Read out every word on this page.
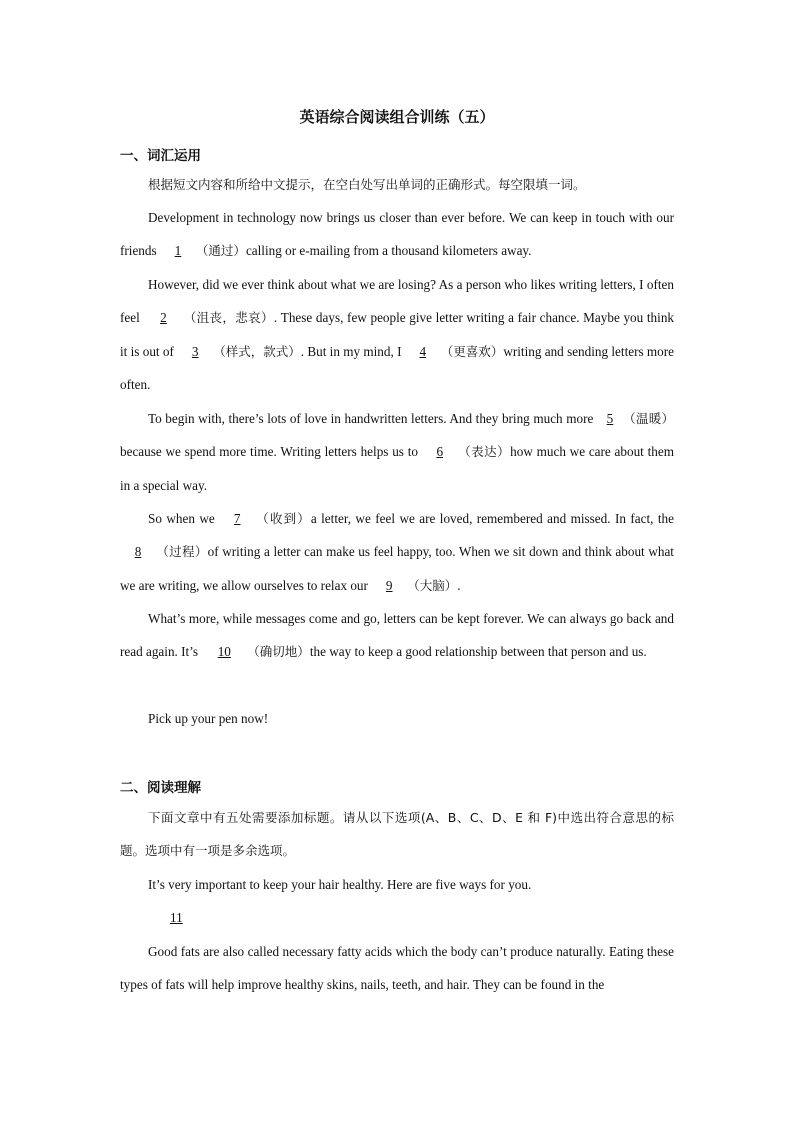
英语综合阅读组合训练（五）
一、词汇运用

根据短文内容和所给中文提示，在空白处写出单词的正确形式。每空限填一词。

Development in technology now brings us closer than ever before. We can keep in touch with our friends 1 （通过）calling or e-mailing from a thousand kilometers away.

However, did we ever think about what we are losing? As a person who likes writing letters, I often feel 2 （沮丧，悲哀）. These days, few people give letter writing a fair chance. Maybe you think it is out of 3 （样式，款式）. But in my mind, I 4 （更喜欢）writing and sending letters more often.

To begin with, there’s lots of love in handwritten letters. And they bring much more 5 （温暖）because we spend more time. Writing letters helps us to 6 （表达）how much we care about them in a special way.

So when we 7 （收到）a letter, we feel we are loved, remembered and missed. In fact, the 8 （过程）of writing a letter can make us feel happy, too. When we sit down and think about what we are writing, we allow ourselves to relax our 9 （大脑）.

What’s more, while messages come and go, letters can be kept forever. We can always go back and read again. It’s 10 （确切地）the way to keep a good relationship between that person and us.

Pick up your pen now!

二、阅读理解

下面文章中有五处需要添加标题。请从以下选项(A、B、C、D、E 和 F)中选出符合意思的标题。选项中有一项是多余选项。

It’s very important to keep your hair healthy. Here are five ways for you.

11

Good fats are also called necessary fatty acids which the body can’t produce naturally. Eating these types of fats will help improve healthy skins, nails, teeth, and hair. They can be found in the
